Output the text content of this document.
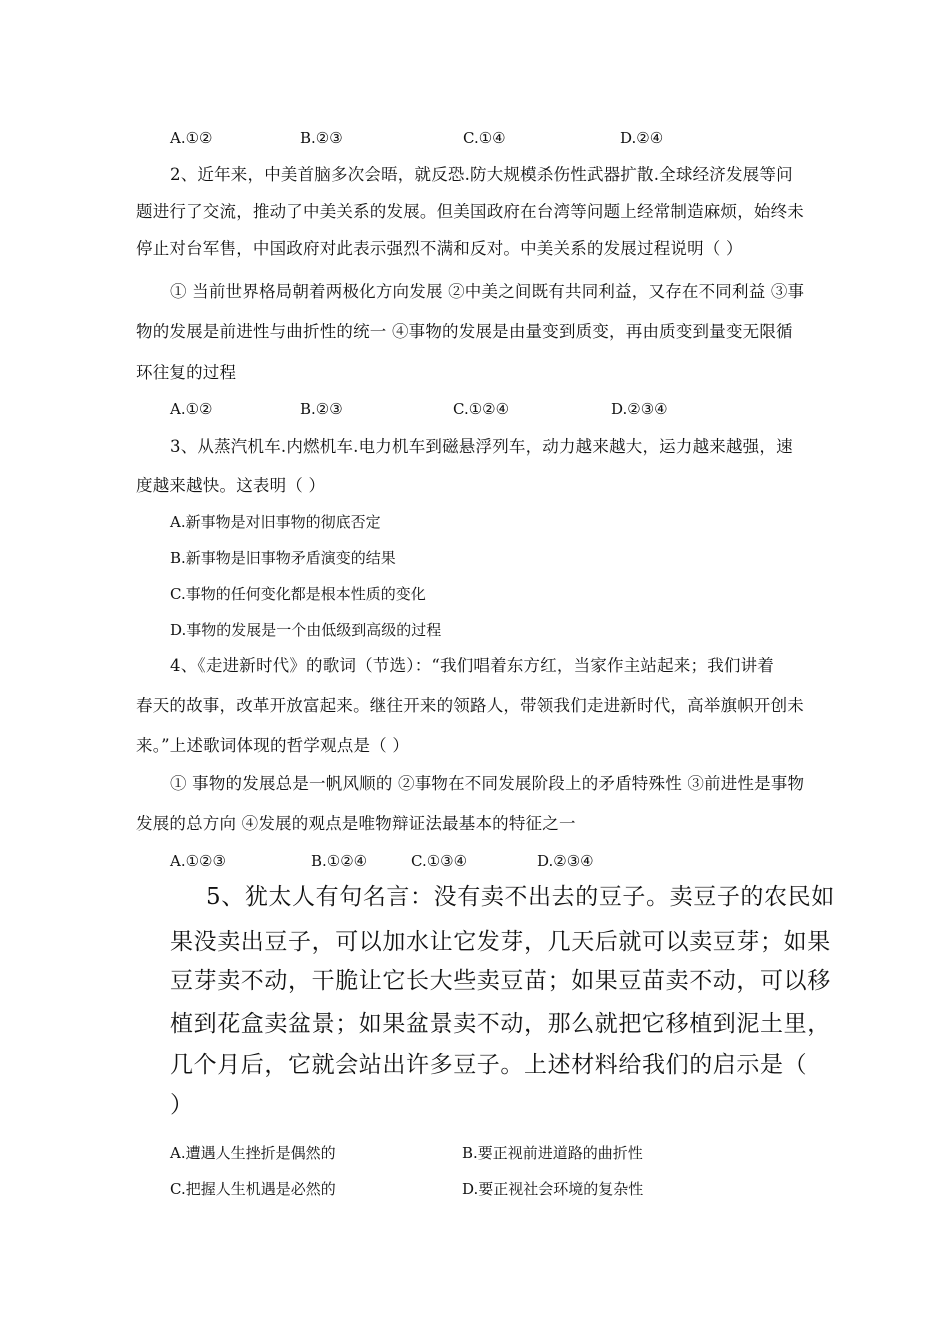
A.①②	B.②③	C.①④	D.②④
2、近年来，中美首脑多次会晤，就反恐.防大规模杀伤性武器扩散.全球经济发展等问
题进行了交流，推动了中美关系的发展。但美国政府在台湾等问题上经常制造麻烦，始终未
停止对台军售，中国政府对此表示强烈不满和反对。中美关系的发展过程说明（ ）
① 当前世界格局朝着两极化方向发展 ②中美之间既有共同利益，又存在不同利益 ③事
物的发展是前进性与曲折性的统一 ④事物的发展是由量变到质变，再由质变到量变无限循
环往复的过程
A.①②	B.②③	C.①②④	D.②③④
3、从蒸汽机车.内燃机车.电力机车到磁悬浮列车，动力越来越大，运力越来越强，速
度越来越快。这表明（ ）
A.新事物是对旧事物的彻底否定
B.新事物是旧事物矛盾演变的结果
C.事物的任何变化都是根本性质的变化
D.事物的发展是一个由低级到高级的过程
4、《走进新时代》的歌词（节选）：“我们唱着东方红，当家作主站起来；我们讲着
春天的故事，改革开放富起来。继往开来的领路人，带领我们走进新时代，高举旗帜开创未
来。”上述歌词体现的哲学观点是（ ）
① 事物的发展总是一帆风顺的 ②事物在不同发展阶段上的矛盾特殊性 ③前进性是事物
发展的总方向 ④发展的观点是唯物辩证法最基本的特征之一
A.①②③	B.①②④	C.①③④	D.②③④
5、犹太人有句名言：没有卖不出去的豆子。卖豆子的农民如
果没卖出豆子，可以加水让它发芽，几天后就可以卖豆芽；如果
豆芽卖不动，干脆让它长大些卖豆苗；如果豆苗卖不动，可以移
植到花盒卖盆景；如果盆景卖不动，那么就把它移植到泥土里，
几个月后，它就会站出许多豆子。上述材料给我们的启示是（
）
A.遭遇人生挫折是偶然的	B.要正视前进道路的曲折性
C.把握人生机遇是必然的	D.要正视社会环境的复杂性
